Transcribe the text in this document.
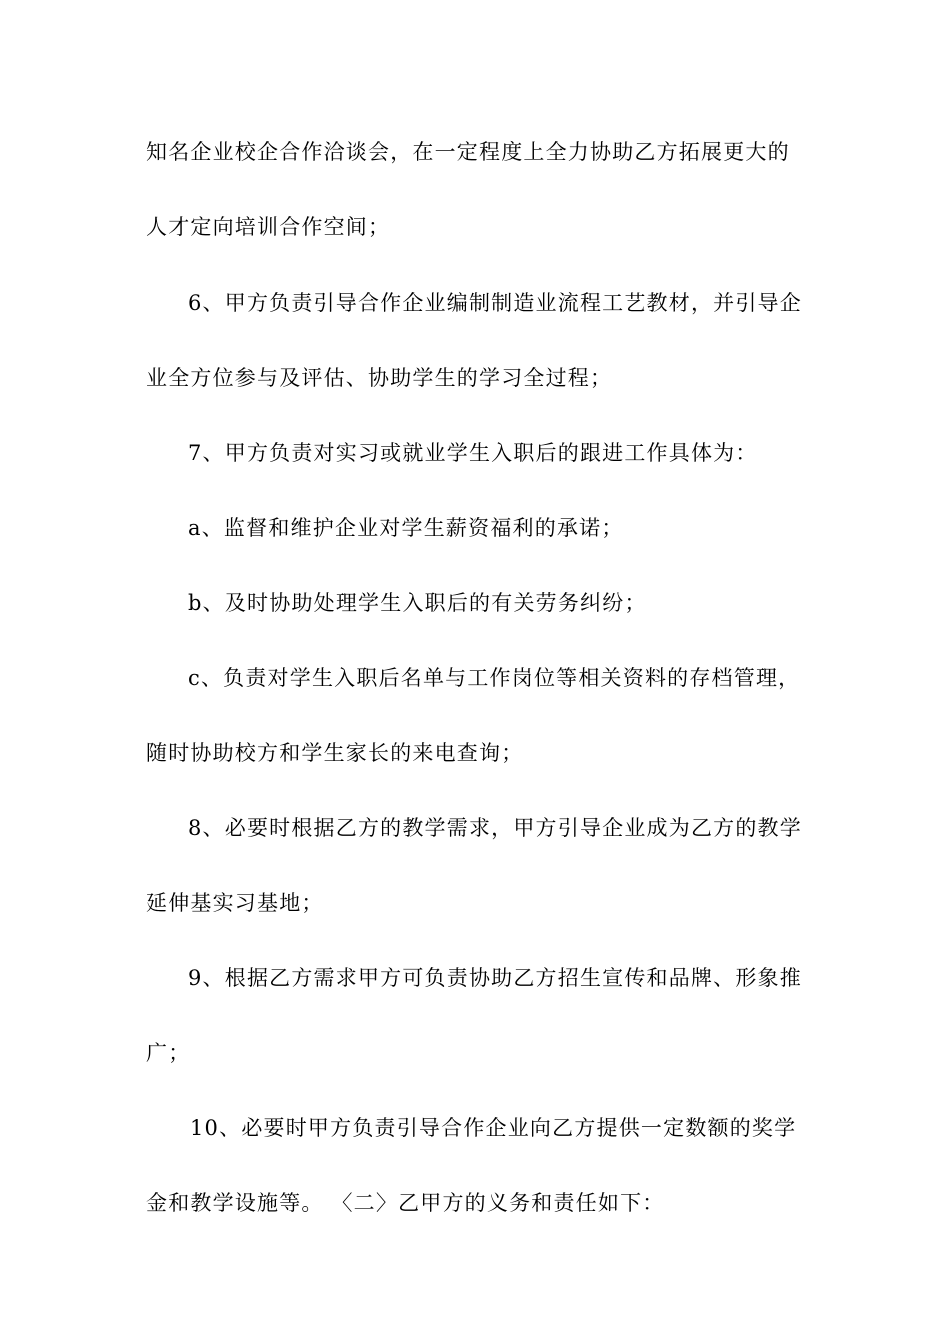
知名企业校企合作洽谈会，在一定程度上全力协助乙方拓展更大的
人才定向培训合作空间；
6、甲方负责引导合作企业编制制造业流程工艺教材，并引导企
业全方位参与及评估、协助学生的学习全过程；
7、甲方负责对实习或就业学生入职后的跟进工作具体为：
a、监督和维护企业对学生薪资福利的承诺；
b、及时协助处理学生入职后的有关劳务纠纷；
c、负责对学生入职后名单与工作岗位等相关资料的存档管理，
随时协助校方和学生家长的来电查询；
8、必要时根据乙方的教学需求，甲方引导企业成为乙方的教学
延伸基实习基地；
9、根据乙方需求甲方可负责协助乙方招生宣传和品牌、形象推
广；
10、必要时甲方负责引导合作企业向乙方提供一定数额的奖学
金和教学设施等。 〈二〉乙甲方的义务和责任如下：
